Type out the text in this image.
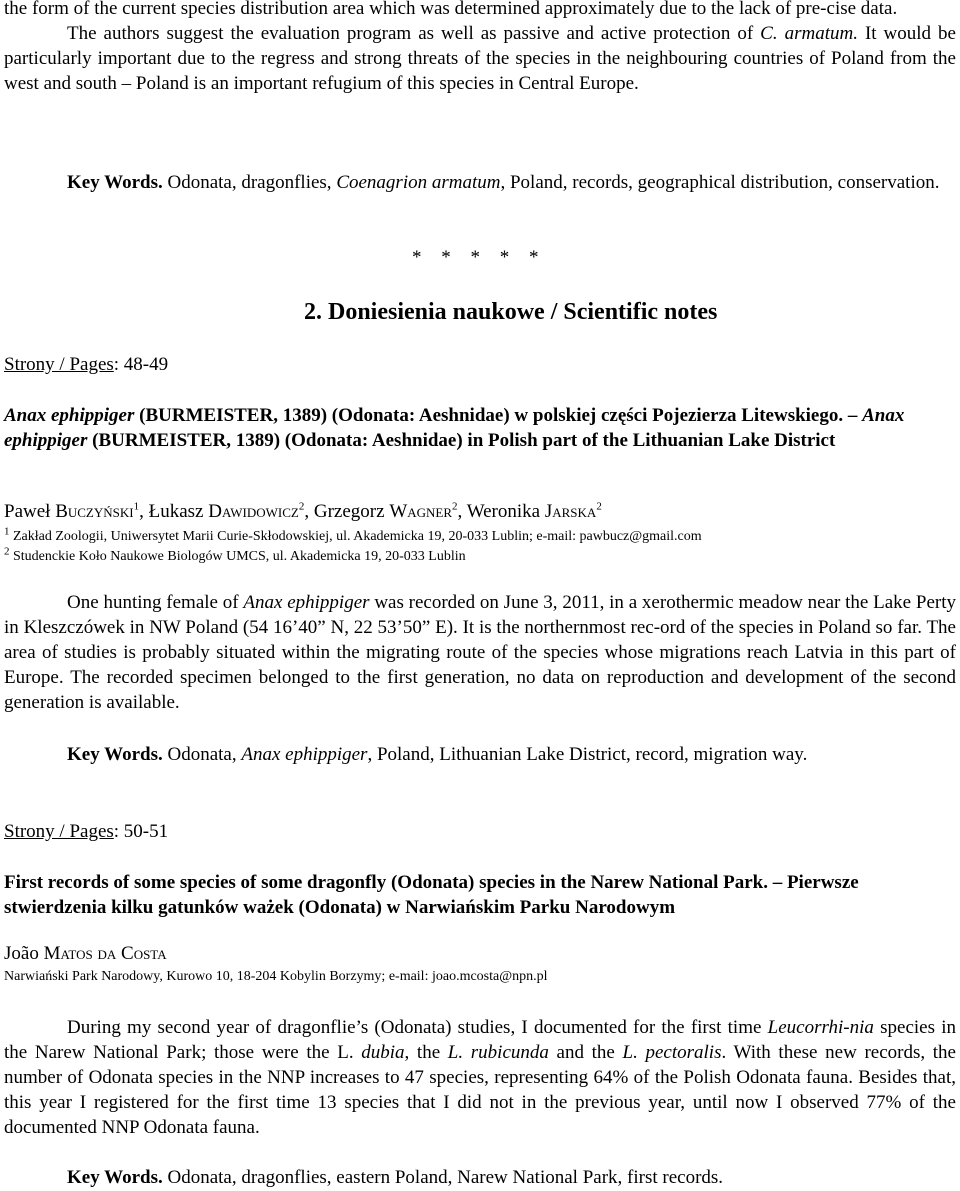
the form of the current species distribution area which was determined approximately due to the lack of pre-cise data.

The authors suggest the evaluation program as well as passive and active protection of C. armatum. It would be particularly important due to the regress and strong threats of the species in the neighbouring countries of Poland from the west and south – Poland is an important refugium of this species in Central Europe.

Key Words. Odonata, dragonflies, Coenagrion armatum, Poland, records, geographical distribution, conservation.

* * * * *
2. Doniesienia naukowe / Scientific notes
Strony / Pages: 48-49

Anax ephippiger (BURMEISTER, 1389) (Odonata: Aeshnidae) w polskiej części Pojezierza Litewskiego. – Anax ephippiger (BURMEISTER, 1389) (Odonata: Aeshnidae) in Polish part of the Lithuanian Lake District

Paweł Buczyński$^1$, Łukasz Dawidowicz$^2$, Grzegorz Wagner$^2$, Weronika Jarska$^2$
$^1$ Zakład Zoologii, Uniwersytet Marii Curie-Skłodowskiej, ul. Akademicka 19, 20-033 Lublin; e-mail: pawbucz@gmail.com
$^2$ Studenckie Koło Naukowe Biologów UMCS, ul. Akademicka 19, 20-033 Lublin

One hunting female of Anax ephippiger was recorded on June 3, 2011, in a xerothermic meadow near the Lake Perty in Kleszczówek in NW Poland (54 16’40” N, 22 53’50” E). It is the northernmost rec-ord of the species in Poland so far. The area of studies is probably situated within the migrating route of the species whose migrations reach Latvia in this part of Europe. The recorded specimen belonged to the first generation, no data on reproduction and development of the second generation is available.

Key Words. Odonata, Anax ephippiger, Poland, Lithuanian Lake District, record, migration way.

Strony / Pages: 50-51

First records of some species of some dragonfly (Odonata) species in the Narew National Park. – Pierwsze stwierdzenia kilku gatunków ważek (Odonata) w Narwiańskim Parku Narodowym

João Matos da Costa
Narwiański Park Narodowy, Kurowo 10, 18-204 Kobylin Borzymy; e-mail: joao.mcosta@npn.pl

During my second year of dragonflie’s (Odonata) studies, I documented for the first time Leucorrhi-nia species in the Narew National Park; those were the L. dubia, the L. rubicunda and the L. pectoralis. With these new records, the number of Odonata species in the NNP increases to 47 species, representing 64% of the Polish Odonata fauna. Besides that, this year I registered for the first time 13 species that I did not in the previous year, until now I observed 77% of the documented NNP Odonata fauna.

Key Words. Odonata, dragonflies, eastern Poland, Narew National Park, first records.
